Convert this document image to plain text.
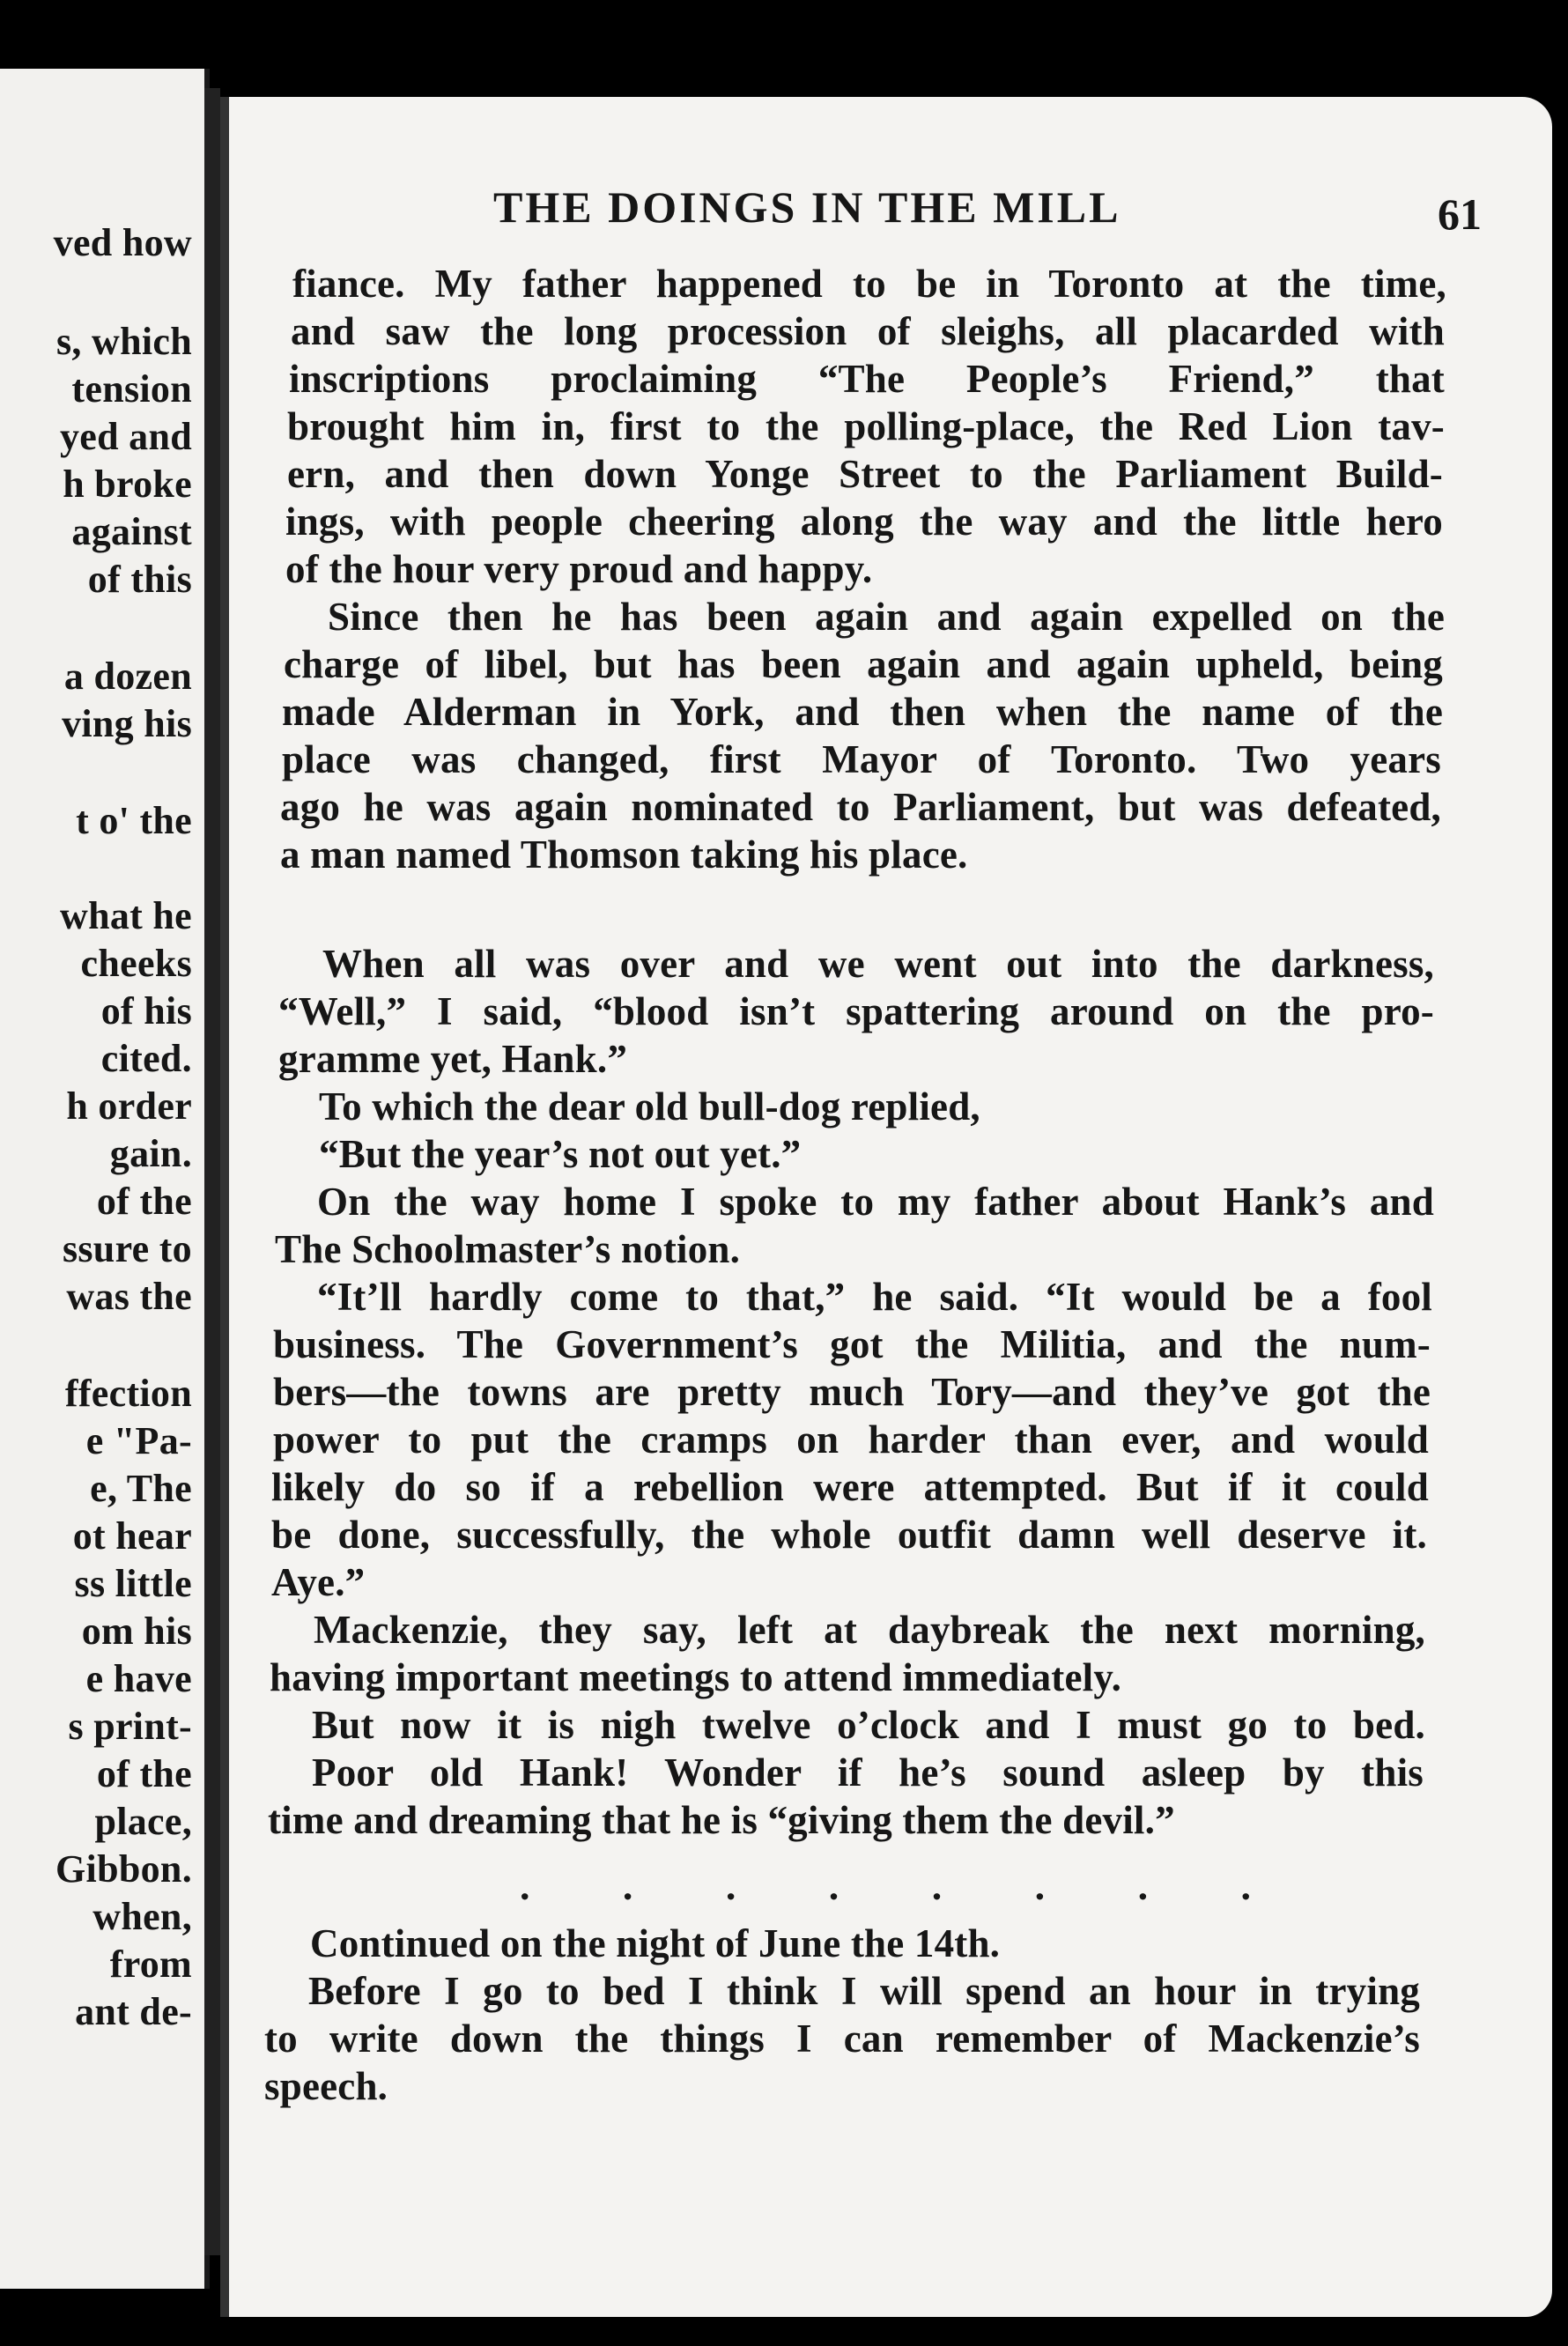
ved how
s, which
tension
yed and
h broke
against
of this
a dozen
ving his
t o' the
what he
cheeks
of his
cited.
h order
gain.
of the
ssure to
was the
ffection
e "Pa-
e, The
ot hear
ss little
om his
e have
s print-
of the
place,
Gibbon.
when,
from
ant de-
THE DOINGS IN THE MILL	61
fiance. My father happened to be in Toronto at the time,
and saw the long procession of sleighs, all placarded with
inscriptions proclaiming “The People’s Friend,” that
brought him in, first to the polling-place, the Red Lion tav-
ern, and then down Yonge Street to the Parliament Build-
ings, with people cheering along the way and the little hero
of the hour very proud and happy.
Since then he has been again and again expelled on the
charge of libel, but has been again and again upheld, being
made Alderman in York, and then when the name of the
place was changed, first Mayor of Toronto. Two years
ago he was again nominated to Parliament, but was defeated,
a man named Thomson taking his place.
When all was over and we went out into the darkness,
“Well,” I said, “blood isn’t spattering around on the pro-
gramme yet, Hank.”
To which the dear old bull-dog replied,
“But the year’s not out yet.”
On the way home I spoke to my father about Hank’s and
The Schoolmaster’s notion.
“It’ll hardly come to that,” he said. “It would be a fool
business. The Government’s got the Militia, and the num-
bers—the towns are pretty much Tory—and they’ve got the
power to put the cramps on harder than ever, and would
likely do so if a rebellion were attempted. But if it could
be done, successfully, the whole outfit damn well deserve it.
Aye.”
Mackenzie, they say, left at daybreak the next morning,
having important meetings to attend immediately.
But now it is nigh twelve o’clock and I must go to bed.
Poor old Hank! Wonder if he’s sound asleep by this
time and dreaming that he is “giving them the devil.”
. . . . . . . .
Continued on the night of June the 14th.
Before I go to bed I think I will spend an hour in trying
to write down the things I can remember of Mackenzie’s
speech.
